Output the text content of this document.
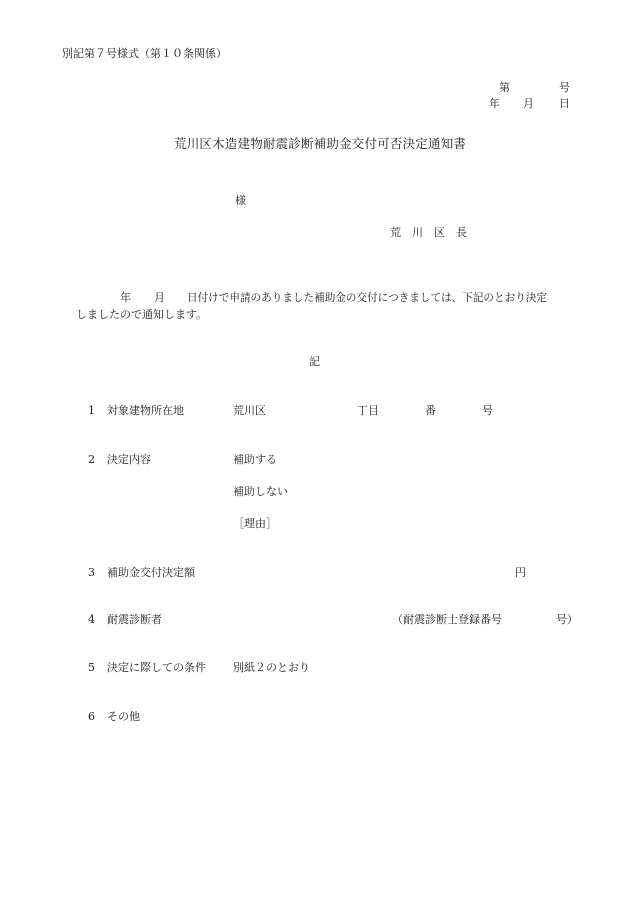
別記第７号様式（第１０条関係）
第	号
年 月 日
荒川区木造建物耐震診断補助金交付可否決定通知書
様
荒　川　区　長
年 月 日付けで申請のありました補助金の交付につきましては、下記のとおり決定
しましたので通知します。
記
1 対象建物所在地	荒川区	丁目	番	号
2 決定内容	補助する
補助しない
［理由］
3 補助金交付決定額	円
4 耐震診断者	（耐震診断士登録番号	号）
5 決定に際しての条件 別紙２のとおり
6 その他
